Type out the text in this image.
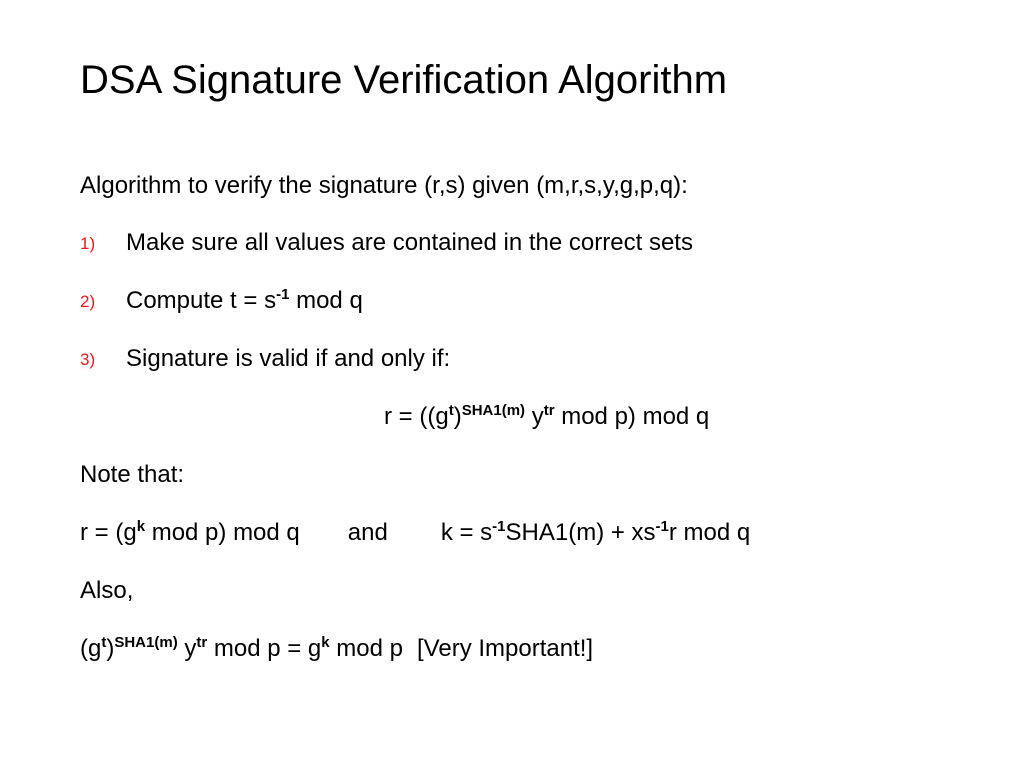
DSA Signature Verification Algorithm
Algorithm to verify the signature (r,s) given (m,r,s,y,g,p,q):
1) Make sure all values are contained in the correct sets
2) Compute $t = s^{-1}$ mod q
3) Signature is valid if and only if:
$r = ((g^t)^{SHA1(m)}$ $y^{tr}$ mod p) mod q
Note that:
$r = (g^k$ mod p) mod q and $k = s^{-1}SHA1(m) + xs^{-1}r$ mod q
Also,
$(g^t)^{SHA1(m)}$ $y^{tr}$ mod $p = g^k$ mod p [Very Important!]
